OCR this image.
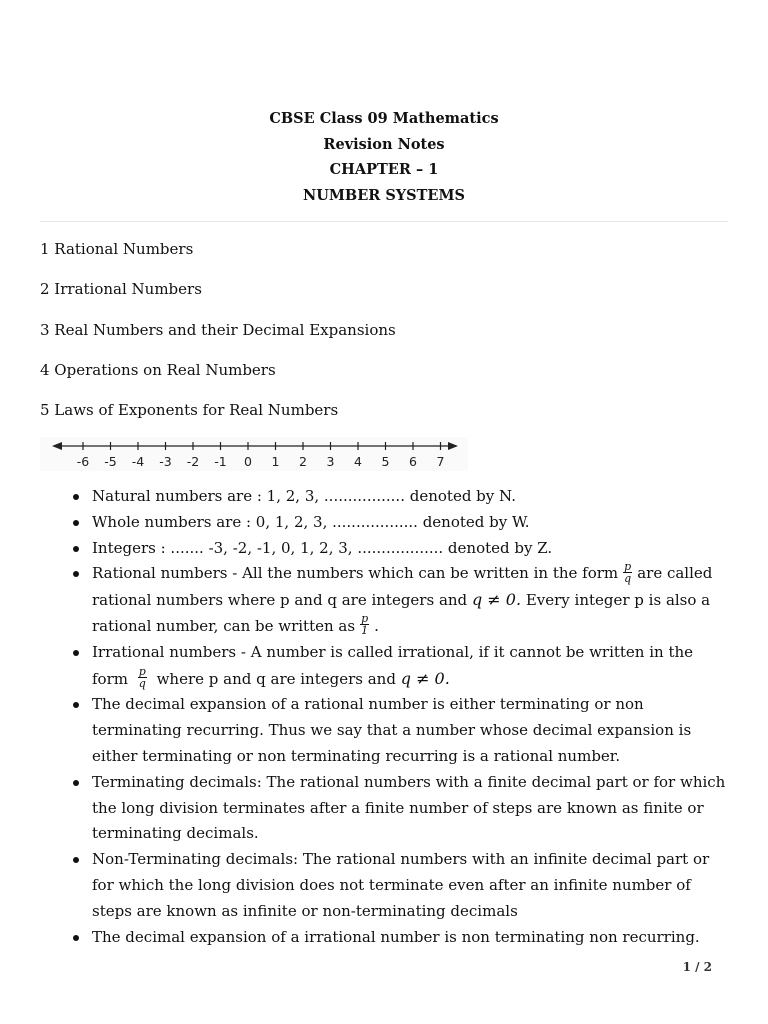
CBSE Class 09 Mathematics
Revision Notes
CHAPTER – 1
NUMBER SYSTEMS
1 Rational Numbers
2 Irrational Numbers
3 Real Numbers and their Decimal Expansions
4 Operations on Real Numbers
5 Laws of Exponents for Real Numbers
-6 -5 -4 -3 -2 -1 0 1 2 3 4 5 6 7
Natural numbers are : 1, 2, 3, ................. denoted by N.
Whole numbers are : 0, 1, 2, 3, .................. denoted by W.
Integers : ....... -3, -2, -1, 0, 1, 2, 3, .................. denoted by Z.
Rational numbers - All the numbers which can be written in the form $\frac{p}{q}$ are called rational numbers where p and q are integers and q ≠ 0. Every integer p is also a rational number, can be written as $\frac{p}{1}$ .
Irrational numbers - A number is called irrational, if it cannot be written in the form $\frac{p}{q}$ where p and q are integers and q ≠ 0.
The decimal expansion of a rational number is either terminating or non terminating recurring. Thus we say that a number whose decimal expansion is either terminating or non terminating recurring is a rational number.
Terminating decimals: The rational numbers with a finite decimal part or for which the long division terminates after a finite number of steps are known as finite or terminating decimals.
Non-Terminating decimals: The rational numbers with an infinite decimal part or for which the long division does not terminate even after an infinite number of steps are known as infinite or non-terminating decimals
The decimal expansion of a irrational number is non terminating non recurring.
1 / 2
